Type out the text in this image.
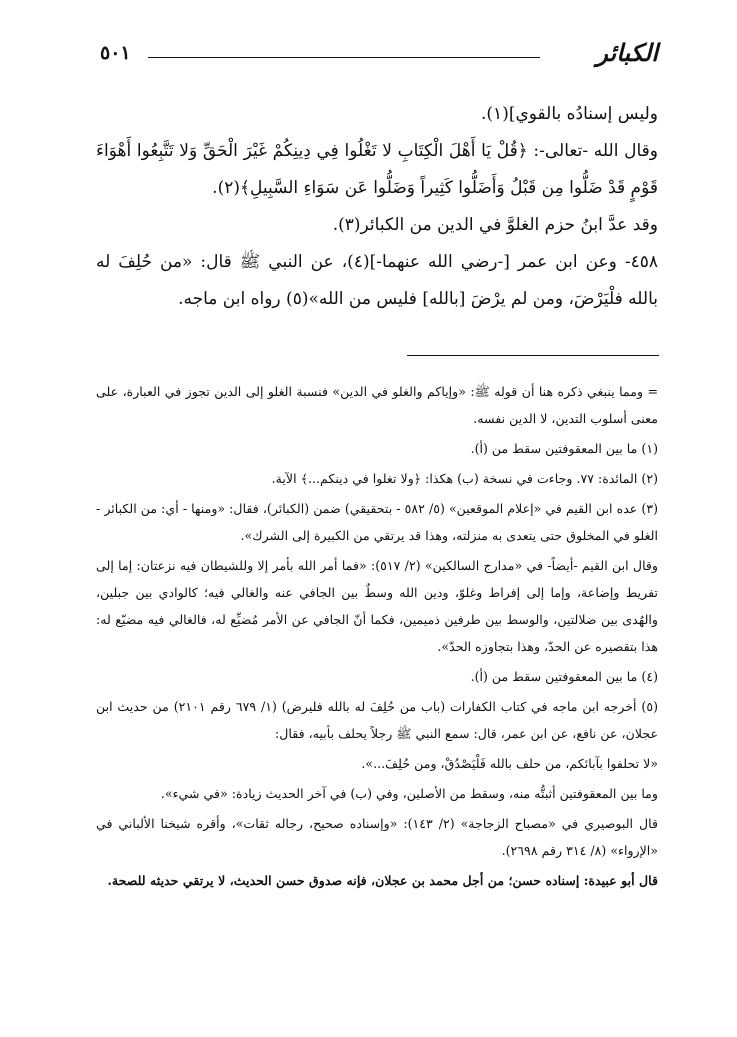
٥٠١	الكبائر

وليس إسنادُه بالقوي](١).

وقال الله -تعالى-: ﴿قُلْ يَا أَهْلَ الْكِتَابِ لا تَغْلُوا فِي دِينِكُمْ غَيْرَ الْحَقِّ وَلا تَتَّبِعُوا أَهْوَاءَ قَوْمٍ قَدْ ضَلُّوا مِن قَبْلُ وَأَضَلُّوا كَثِيراً وَضَلُّوا عَن سَوَاءِ السَّبِيلِ﴾(٢).

وقد عدَّ ابنُ حزم الغلوَّ في الدين من الكبائر(٣).

٤٥٨- وعن ابن عمر [-رضي الله عنهما-](٤)، عن النبي ﷺ قال: «من حُلِفَ له بالله فلْيَرْضَ، ومن لم يرْضَ [بالله] فليس من الله»(٥) رواه ابن ماجه.

= ومما ينبغي ذكره هنا أن قوله ﷺ: «وإياكم والغلو في الدين» فنسبة الغلو إلى الدين تجوز في العبارة، على معنى أسلوب التدين، لا الدين نفسه.

(١) ما بين المعقوفتين سقط من (أ).

(٢) المائدة: ٧٧. وجاءت في نسخة (ب) هكذا: ﴿ولا تغلوا في دينكم...﴾ الآية.

(٣) عده ابن القيم في «إعلام الموقعين» (٥/ ٥٨٢ - بتحقيقي) ضمن (الكبائر)، فقال: «ومنها - أي: من الكبائر - الغلو في المخلوق حتى يتعدى به منزلته، وهذا قد يرتقي من الكبيرة إلى الشرك».

وقال ابن القيم -أيضاً- في «مدارج السالكين» (٢/ ٥١٧): «فما أمر الله بأمر إلا وللشيطان فيه نزعتان: إما إلى تفريط وإضاعة، وإما إلى إفراط وغلوّ، ودين الله وسطٌ بين الجافي عنه والغالي فيه؛ كالوادي بين جبلين، والهُدى بين ضلالتين، والوسط بين طرفين ذميمين، فكما أنّ الجافي عن الأمر مُضيِّع له، فالغالي فيه مضيّع له: هذا بتقصيره عن الحدّ، وهذا بتجاوزه الحدّ».

(٤) ما بين المعقوفتين سقط من (أ).

(٥) أخرجه ابن ماجه في كتاب الكفارات (باب من حُلِفَ له بالله فليرض) (١/ ٦٧٩ رقم ٢١٠١) من حديث ابن عجلان، عن نافع، عن ابن عمر، قال: سمع النبي ﷺ رجلاً يحلف بأبيه، فقال:

«لا تحلفوا بآبائكم، من حلف بالله فَلْيَصْدُقْ، ومن حُلِفَ...».

وما بين المعقوفتين أثبتُّه منه، وسقط من الأصلين، وفي (ب) في آخر الحديث زيادة: «في شيء».

قال البوصيري في «مصباح الزجاجة» (٢/ ١٤٣): «وإسناده صحيح، رجاله ثقات»، وأقره شيخنا الألباني في «الإرواء» (٨/ ٣١٤ رقم ٢٦٩٨).

قال أبو عبيدة: إسناده حسن؛ من أجل محمد بن عجلان، فإنه صدوق حسن الحديث، لا يرتقي حديثه للصحة.
